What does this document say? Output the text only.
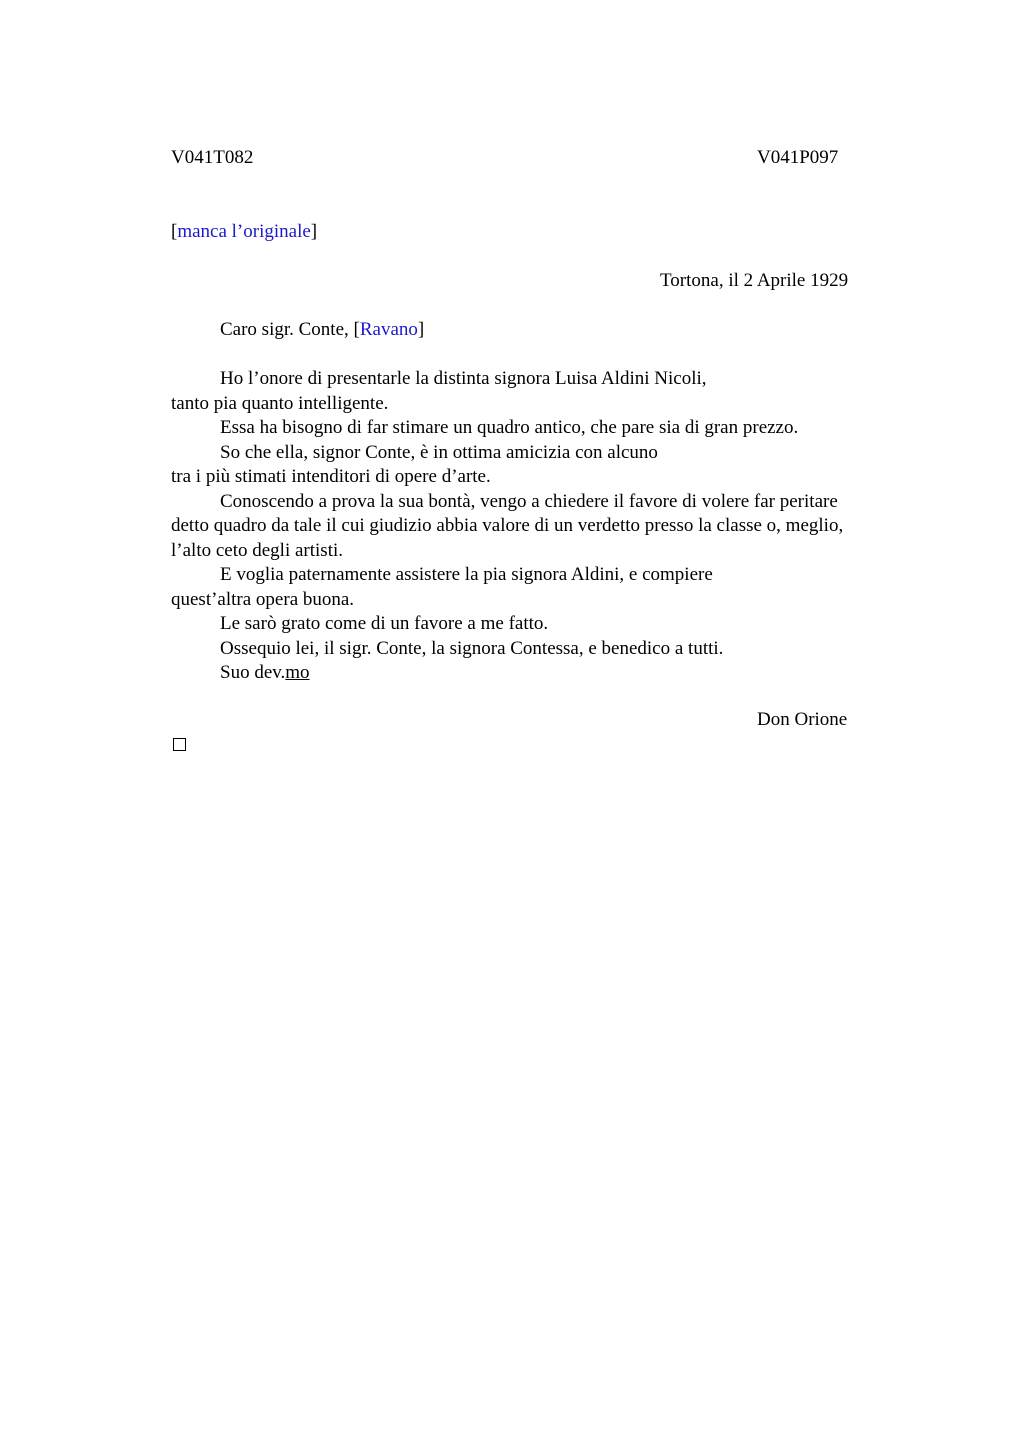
V041T082	V041P097
[manca l’originale]
Tortona, il 2 Aprile 1929
Caro sigr. Conte, [Ravano]
Ho l’onore di presentarle la distinta signora Luisa Aldini Nicoli,
tanto pia quanto intelligente.
Essa ha bisogno di far stimare un quadro antico, che pare sia di gran prezzo.
So che ella, signor Conte, è in ottima amicizia con alcuno
tra i più stimati intenditori di opere d’arte.
Conoscendo a prova la sua bontà, vengo a chiedere il favore di volere far peritare
detto quadro da tale il cui giudizio abbia valore di un verdetto presso la classe o, meglio,
l’alto ceto degli artisti.
E voglia paternamente assistere la pia signora Aldini, e compiere
quest’altra opera buona.
Le sarò grato come di un favore a me fatto.
Ossequio lei, il sigr. Conte, la signora Contessa, e benedico a tutti.
Suo dev.mo
Don Orione
